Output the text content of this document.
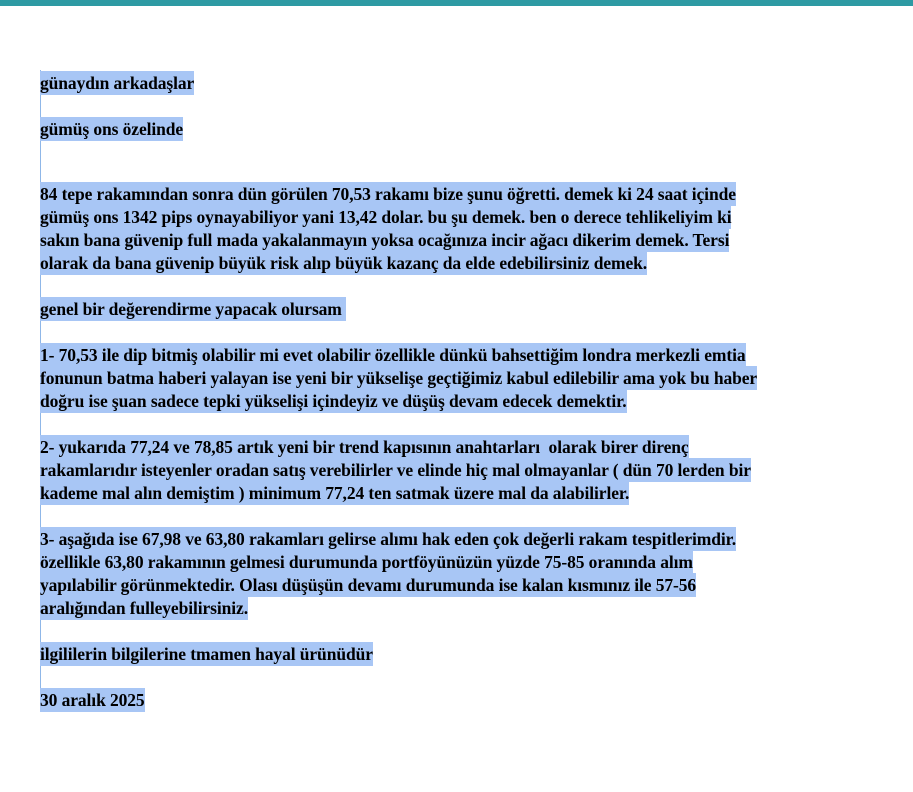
günaydın arkadaşlar

gümüş ons özelinde

84 tepe rakamından sonra dün görülen 70,53 rakamı bize şunu öğretti. demek ki 24 saat içinde
gümüş ons 1342 pips oynayabiliyor yani 13,42 dolar. bu şu demek. ben o derece tehlikeliyim ki
sakın bana güvenip full mada yakalanmayın yoksa ocağınıza incir ağacı dikerim demek. Tersi
olarak da bana güvenip büyük risk alıp büyük kazanç da elde edebilirsiniz demek.

genel bir değerendirme yapacak olursam

1- 70,53 ile dip bitmiş olabilir mi evet olabilir özellikle dünkü bahsettiğim londra merkezli emtia
fonunun batma haberi yalayan ise yeni bir yükselişe geçtiğimiz kabul edilebilir ama yok bu haber
doğru ise şuan sadece tepki yükselişi içindeyiz ve düşüş devam edecek demektir.

2- yukarıda 77,24 ve 78,85 artık yeni bir trend kapısının anahtarları  olarak birer direnç
rakamlarıdır isteyenler oradan satış verebilirler ve elinde hiç mal olmayanlar ( dün 70 lerden bir
kademe mal alın demiştim ) minimum 77,24 ten satmak üzere mal da alabilirler.

3- aşağıda ise 67,98 ve 63,80 rakamları gelirse alımı hak eden çok değerli rakam tespitlerimdir.
özellikle 63,80 rakamının gelmesi durumunda portföyünüzün yüzde 75-85 oranında alım
yapılabilir görünmektedir. Olası düşüşün devamı durumunda ise kalan kısmınız ile 57-56
aralığından fulleyebilirsiniz.

ilgililerin bilgilerine tmamen hayal ürünüdür

30 aralık 2025
